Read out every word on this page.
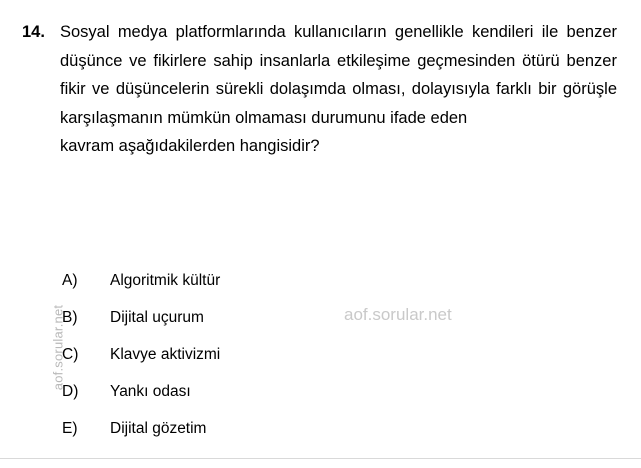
aof.sorular.net	aof.sorular.net
14. Sosyal medya platformlarında kullanıcıların genellikle kendileri ile benzer düşünce ve fikirlere sahip insanlarla etkileşime geçmesinden ötürü benzer fikir ve düşüncelerin sürekli dolaşımda olması, dolayısıyla farklı bir görüşle karşılaşmanın mümkün olmaması durumunu ifade eden
kavram aşağıdakilerden hangisidir?
A)	Algoritmik kültür
B)	Dijital uçurum
C)	Klavye aktivizmi
D)	Yankı odası
E)	Dijital gözetim
